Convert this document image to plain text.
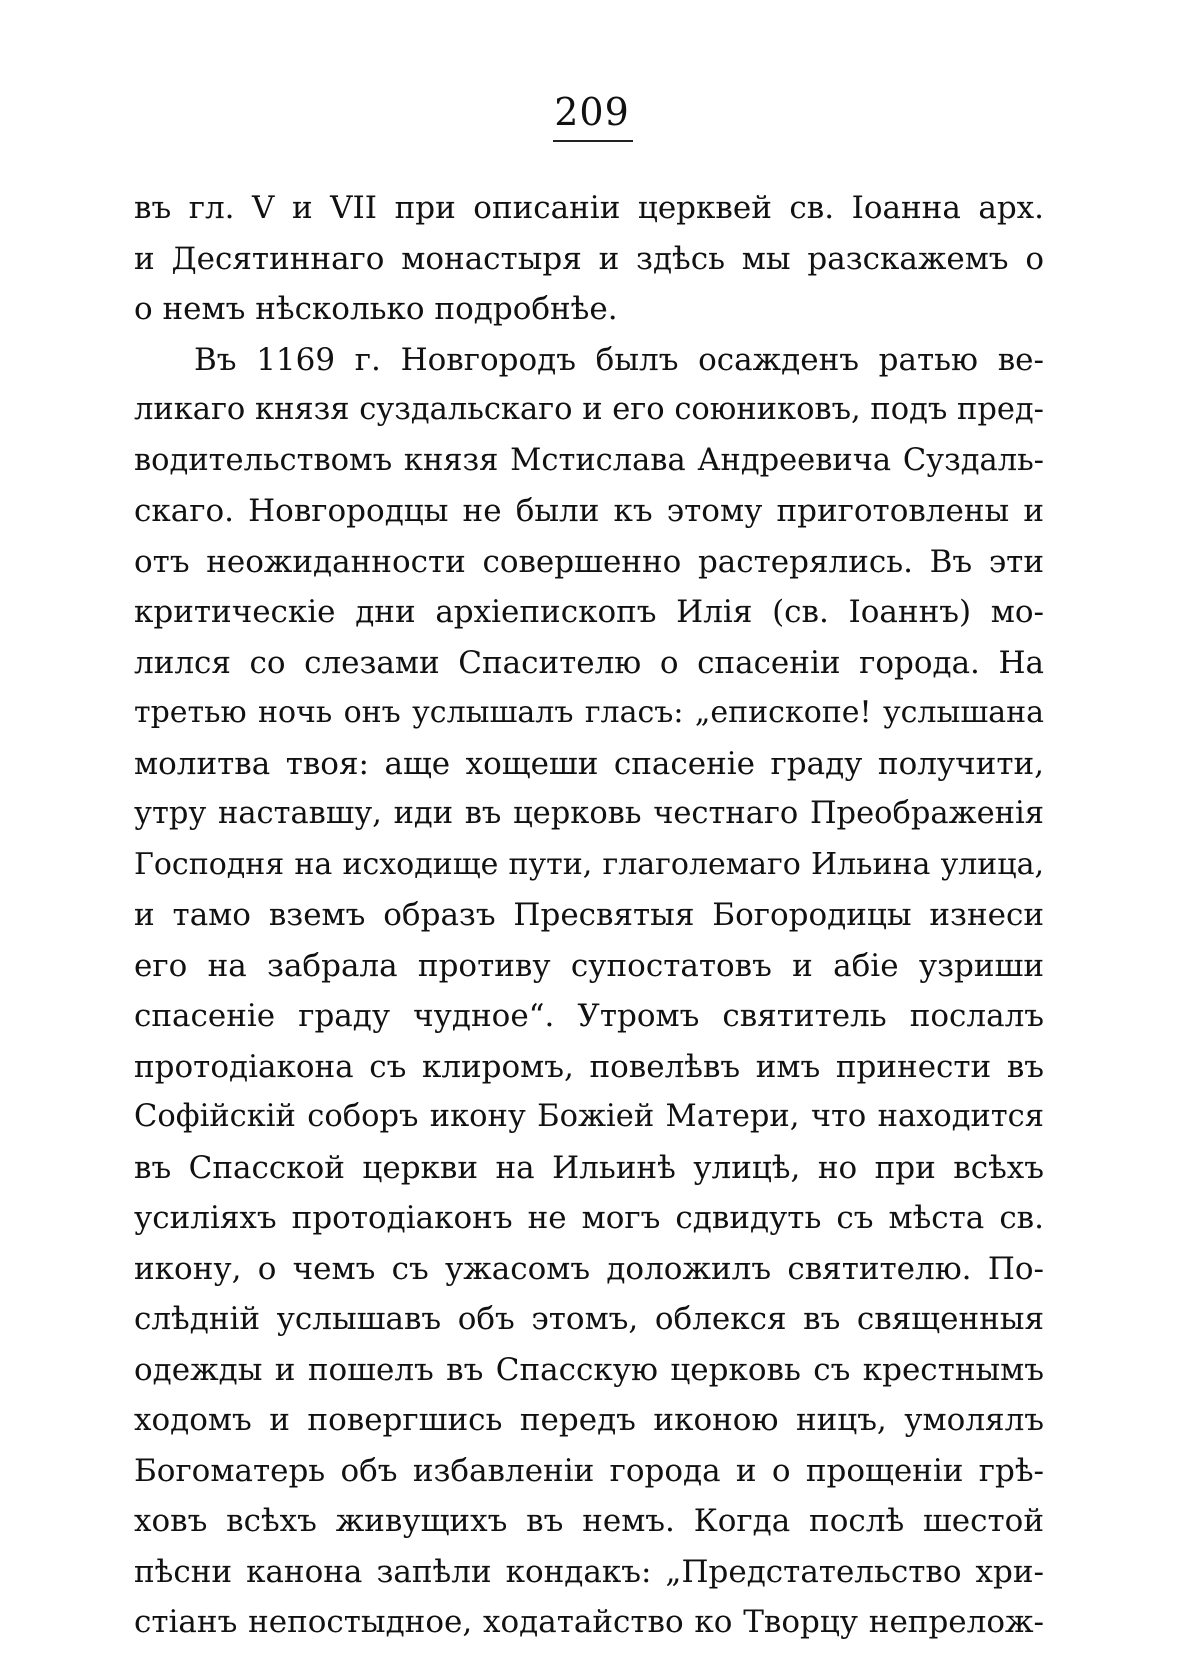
209
въ гл. V и VII при описаніи церквей св. Іоанна арх.
и Десятиннаго монастыря и здѣсь мы разскажемъ о
о немъ нѣсколько подробнѣе.
Въ 1169 г. Новгородъ былъ осажденъ ратью ве-
ликаго князя суздальскаго и его союниковъ, подъ пред-
водительствомъ князя Мстислава Андреевича Суздаль-
скаго. Новгородцы не были къ этому приготовлены и
отъ неожиданности совершенно растерялись. Въ эти
критическіе дни архіепископъ Илія (св. Іоаннъ) мо-
лился со слезами Спасителю о спасеніи города. На
третью ночь онъ услышалъ гласъ: „епископе! услышана
молитва твоя: аще хощеши спасеніе граду получити,
утру наставшу, иди въ церковь честнаго Преображенія
Господня на исходище пути, глаголемаго Ильина улица,
и тамо вземъ образъ Пресвятыя Богородицы изнеси
его на забрала противу супостатовъ и абіе узриши
спасеніе граду чудное“. Утромъ святитель послалъ
протодіакона съ клиромъ, повелѣвъ имъ принести въ
Софійскій соборъ икону Божіей Матери, что находится
въ Спасской церкви на Ильинѣ улицѣ, но при всѣхъ
усиліяхъ протодіаконъ не могъ сдвидуть съ мѣста св.
икону, о чемъ съ ужасомъ доложилъ святителю. По-
слѣдній услышавъ объ этомъ, облекся въ священныя
одежды и пошелъ въ Спасскую церковь съ крестнымъ
ходомъ и повергшись передъ иконою ницъ, умолялъ
Богоматерь объ избавленіи города и о прощеніи грѣ-
ховъ всѣхъ живущихъ въ немъ. Когда послѣ шестой
пѣсни канона запѣли кондакъ: „Предстательство хри-
стіанъ непостыдное, ходатайство ко Творцу непрелож-
